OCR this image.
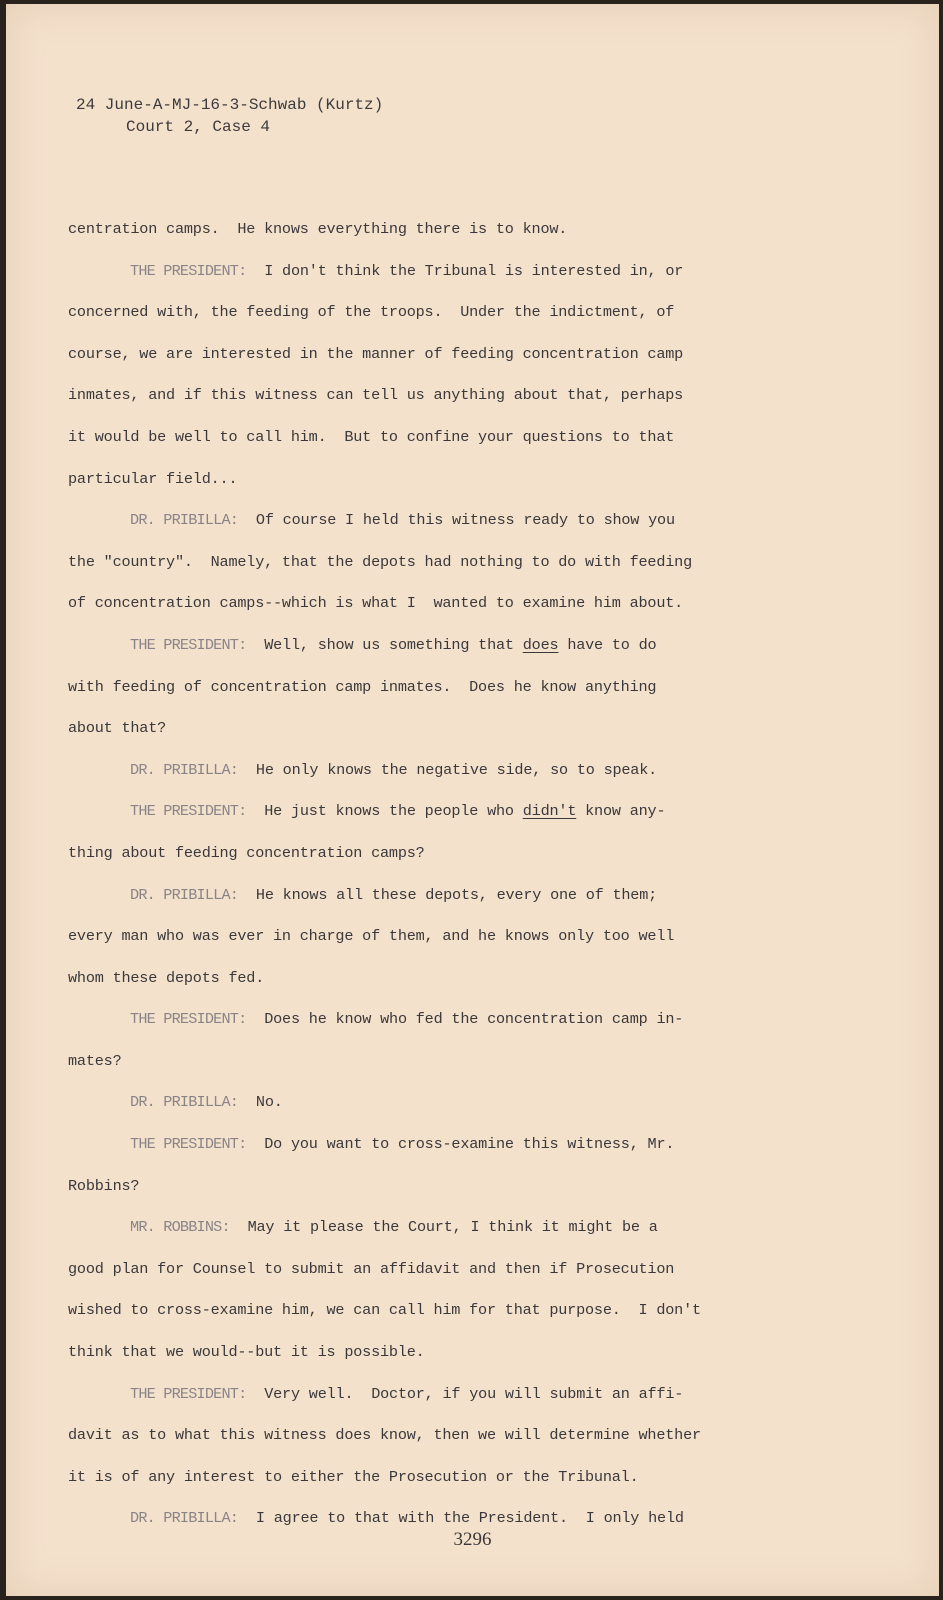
24 June-A-MJ-16-3-Schwab (Kurtz)
Court 2, Case 4
centration camps.  He knows everything there is to know.
THE PRESIDENT:  I don't think the Tribunal is interested in, or
concerned with, the feeding of the troops.  Under the indictment, of
course, we are interested in the manner of feeding concentration camp
inmates, and if this witness can tell us anything about that, perhaps
it would be well to call him.  But to confine your questions to that
particular field...
DR. PRIBILLA:  Of course I held this witness ready to show you
the "country".  Namely, that the depots had nothing to do with feeding
of concentration camps--which is what I  wanted to examine him about.
THE PRESIDENT:  Well, show us something that does have to do
with feeding of concentration camp inmates.  Does he know anything
about that?
DR. PRIBILLA:  He only knows the negative side, so to speak.
THE PRESIDENT:  He just knows the people who didn't know any-
thing about feeding concentration camps?
DR. PRIBILLA:  He knows all these depots, every one of them;
every man who was ever in charge of them, and he knows only too well
whom these depots fed.
THE PRESIDENT:  Does he know who fed the concentration camp in-
mates?
DR. PRIBILLA:  No.
THE PRESIDENT:  Do you want to cross-examine this witness, Mr.
Robbins?
MR. ROBBINS:  May it please the Court, I think it might be a
good plan for Counsel to submit an affidavit and then if Prosecution
wished to cross-examine him, we can call him for that purpose.  I don't
think that we would--but it is possible.
THE PRESIDENT:  Very well.  Doctor, if you will submit an affi-
davit as to what this witness does know, then we will determine whether
it is of any interest to either the Prosecution or the Tribunal.
DR. PRIBILLA:  I agree to that with the President.  I only held
3296
